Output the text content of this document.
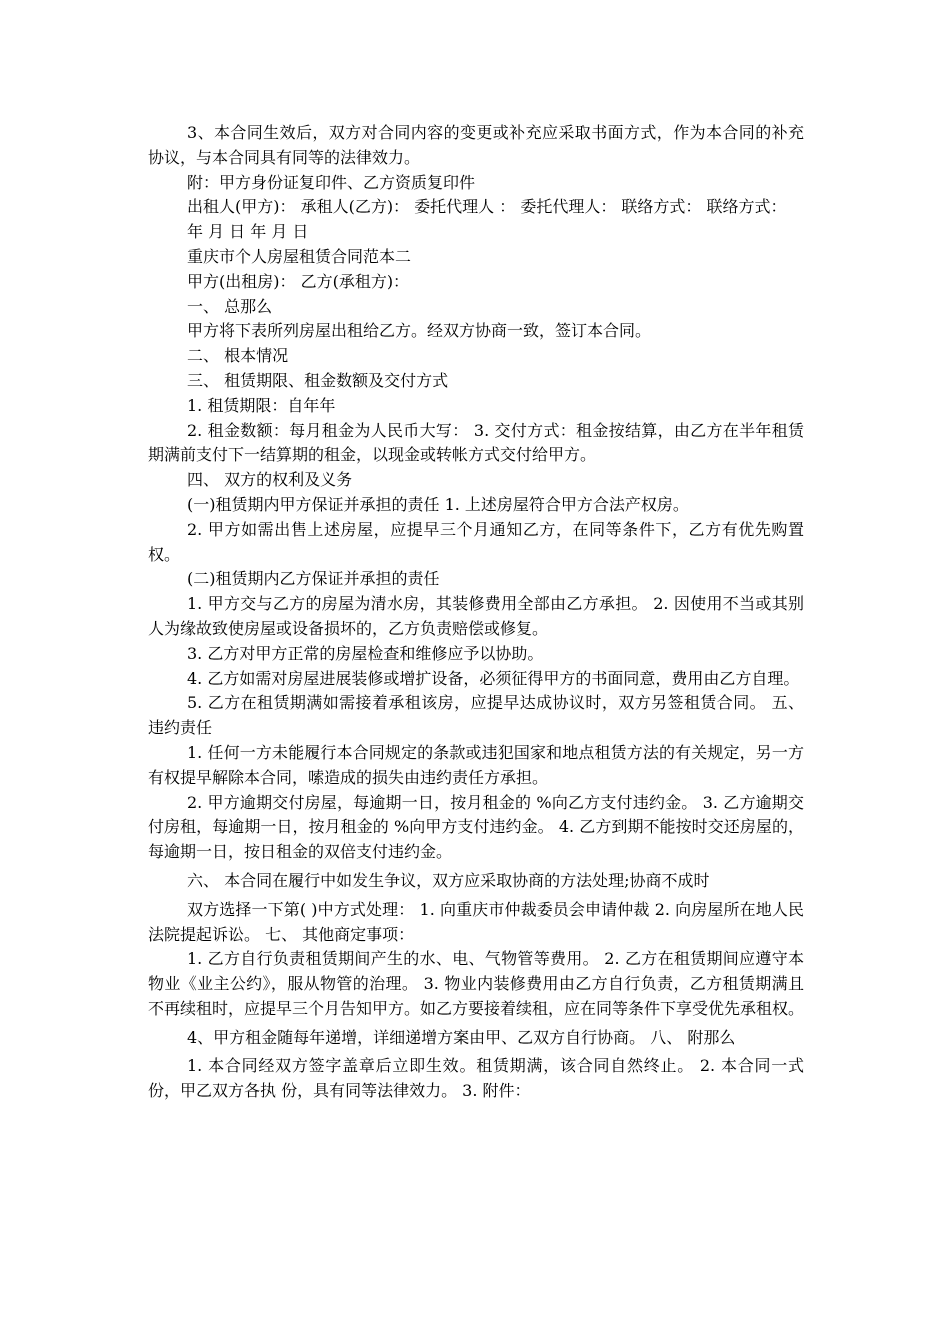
3、本合同生效后，双方对合同内容的变更或补充应采取书面方式，作为本合同的补充协议，与本合同具有同等的法律效力。

附：甲方身份证复印件、乙方资质复印件

出租人(甲方)： 承租人(乙方)： 委托代理人 ： 委托代理人： 联络方式： 联络方式：

年 月 日 年 月 日

重庆市个人房屋租赁合同范本二

甲方(出租房)： 乙方(承租方)：

一、 总那么

甲方将下表所列房屋出租给乙方。经双方协商一致，签订本合同。

二、 根本情况

三、 租赁期限、租金数额及交付方式

1. 租赁期限：自年年

2. 租金数额：每月租金为人民币大写： 3. 交付方式：租金按结算，由乙方在半年租赁期满前支付下一结算期的租金，以现金或转帐方式交付给甲方。

四、 双方的权利及义务

(一)租赁期内甲方保证并承担的责任 1. 上述房屋符合甲方合法产权房。

2. 甲方如需出售上述房屋，应提早三个月通知乙方，在同等条件下，乙方有优先购置权。

(二)租赁期内乙方保证并承担的责任

1. 甲方交与乙方的房屋为清水房，其装修费用全部由乙方承担。 2. 因使用不当或其别人为缘故致使房屋或设备损坏的，乙方负责赔偿或修复。

3. 乙方对甲方正常的房屋检查和维修应予以协助。

4. 乙方如需对房屋进展装修或增扩设备，必须征得甲方的书面同意，费用由乙方自理。

5. 乙方在租赁期满如需接着承租该房，应提早达成协议时，双方另签租赁合同。 五、 违约责任

1. 任何一方未能履行本合同规定的条款或违犯国家和地点租赁方法的有关规定，另一方有权提早解除本合同，嗦造成的损失由违约责任方承担。

2. 甲方逾期交付房屋，每逾期一日，按月租金的 %向乙方支付违约金。 3. 乙方逾期交付房租，每逾期一日，按月租金的 %向甲方支付违约金。 4. 乙方到期不能按时交还房屋的，每逾期一日，按日租金的双倍支付违约金。

六、 本合同在履行中如发生争议，双方应采取协商的方法处理;协商不成时

双方选择一下第( )中方式处理： 1. 向重庆市仲裁委员会申请仲裁 2. 向房屋所在地人民法院提起诉讼。 七、 其他商定事项：

1. 乙方自行负责租赁期间产生的水、电、气物管等费用。 2. 乙方在租赁期间应遵守本物业《业主公约》，服从物管的治理。 3. 物业内装修费用由乙方自行负责，乙方租赁期满且不再续租时，应提早三个月告知甲方。如乙方要接着续租，应在同等条件下享受优先承租权。

4、甲方租金随每年递增，详细递增方案由甲、乙双方自行协商。 八、 附那么

1. 本合同经双方签字盖章后立即生效。租赁期满，该合同自然终止。 2. 本合同一式 份，甲乙双方各执 份，具有同等法律效力。 3. 附件：
